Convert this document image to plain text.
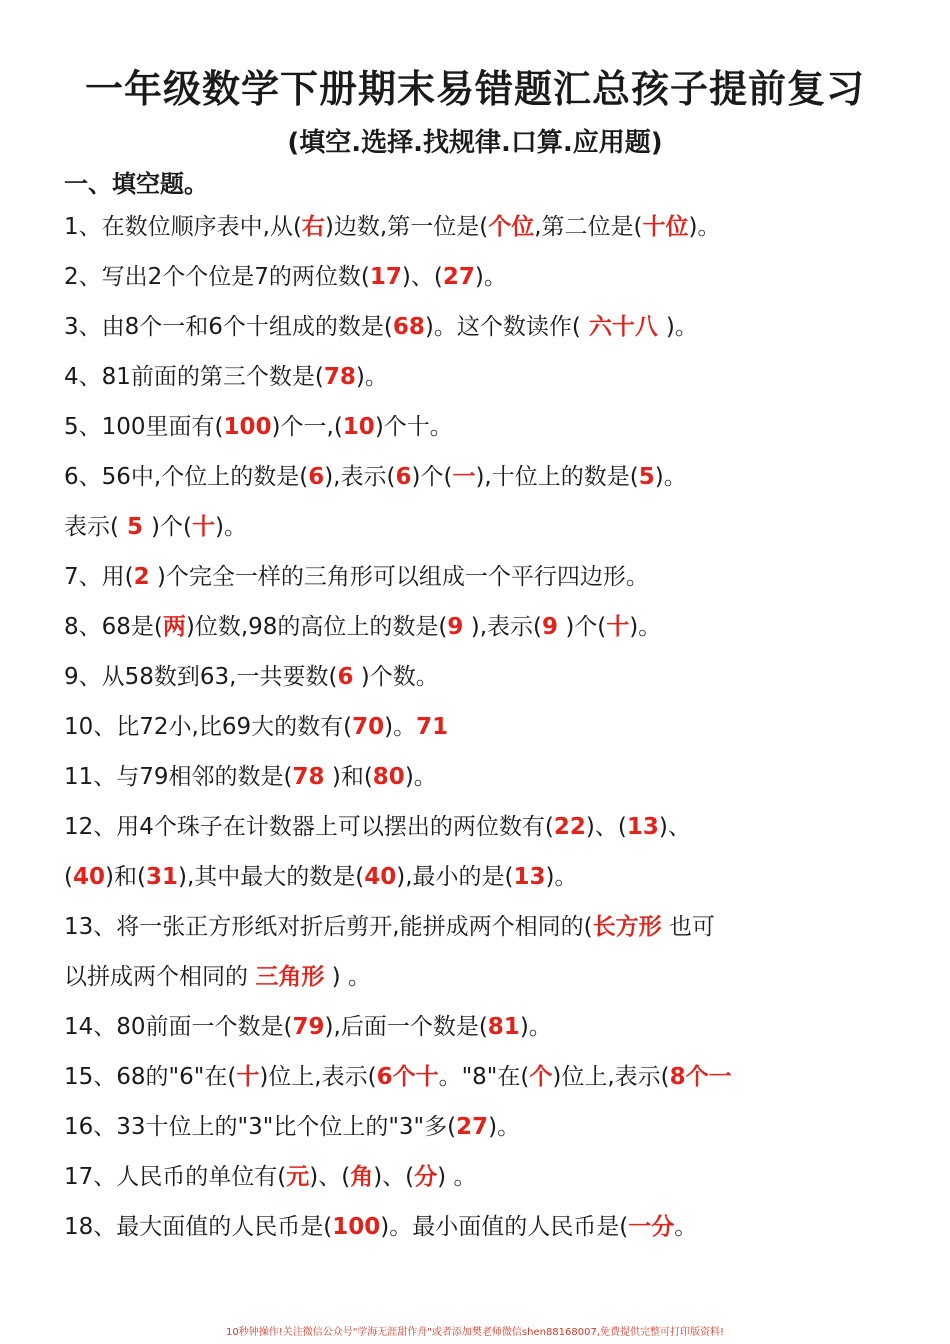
一年级数学下册期末易错题汇总孩子提前复习
(填空.选择.找规律.口算.应用题)
一、填空题。
1、在数位顺序表中,从(右)边数,第一位是(个位,第二位是(十位)。
2、写出2个个位是7的两位数(17)、(27)。
3、由8个一和6个十组成的数是(68)。这个数读作( 六十八 )。
4、81前面的第三个数是(78)。
5、100里面有(100)个一,(10)个十。
6、56中,个位上的数是(6),表示(6)个(一),十位上的数是(5)。
表示( 5 )个(十)。
7、用(2 )个完全一样的三角形可以组成一个平行四边形。
8、68是(两)位数,98的高位上的数是(9 ),表示(9 )个(十)。
9、从58数到63,一共要数(6 )个数。
10、比72小,比69大的数有(70)。71
11、与79相邻的数是(78 )和(80)。
12、用4个珠子在计数器上可以摆出的两位数有(22)、(13)、
(40)和(31),其中最大的数是(40),最小的是(13)。
13、将一张正方形纸对折后剪开,能拼成两个相同的(长方形 也可
以拼成两个相同的 三角形 ) 。
14、80前面一个数是(79),后面一个数是(81)。
15、68的"6"在(十)位上,表示(6个十。"8"在(个)位上,表示(8个一
16、33十位上的"3"比个位上的"3"多(27)。
17、人民币的单位有(元)、(角)、(分) 。
18、最大面值的人民币是(100)。最小面值的人民币是(一分。
10秒钟操作!关注微信公众号"学海无涯甜作舟"或者添加樊老师微信shen88168007,免费提供完整可打印版资料!
